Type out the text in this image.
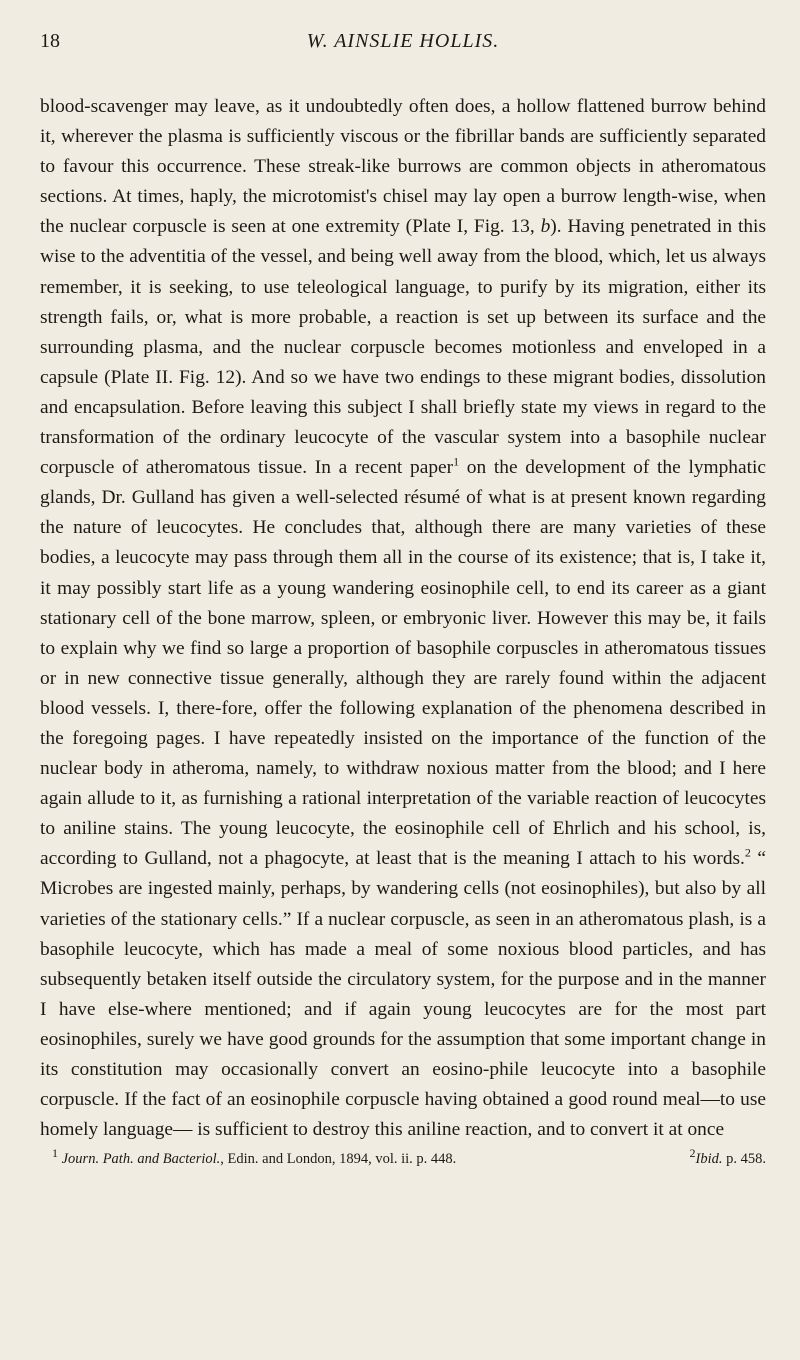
18	W. AINSLIE HOLLIS.

blood-scavenger may leave, as it undoubtedly often does, a hollow flattened burrow behind it, wherever the plasma is sufficiently viscous or the fibrillar bands are sufficiently separated to favour this occurrence. These streak-like burrows are common objects in atheromatous sections. At times, haply, the microtomist's chisel may lay open a burrow length-wise, when the nuclear corpuscle is seen at one extremity (Plate I, Fig. 13, b). Having penetrated in this wise to the adventitia of the vessel, and being well away from the blood, which, let us always remember, it is seeking, to use teleological language, to purify by its migration, either its strength fails, or, what is more probable, a reaction is set up between its surface and the surrounding plasma, and the nuclear corpuscle becomes motionless and enveloped in a capsule (Plate II. Fig. 12). And so we have two endings to these migrant bodies, dissolution and encapsulation. Before leaving this subject I shall briefly state my views in regard to the transformation of the ordinary leucocyte of the vascular system into a basophile nuclear corpuscle of atheromatous tissue. In a recent paper$^1$ on the development of the lymphatic glands, Dr. Gulland has given a well-selected résumé of what is at present known regarding the nature of leucocytes. He concludes that, although there are many varieties of these bodies, a leucocyte may pass through them all in the course of its existence; that is, I take it, it may possibly start life as a young wandering eosinophile cell, to end its career as a giant stationary cell of the bone marrow, spleen, or embryonic liver. However this may be, it fails to explain why we find so large a proportion of basophile corpuscles in atheromatous tissues or in new connective tissue generally, although they are rarely found within the adjacent blood vessels. I, there-fore, offer the following explanation of the phenomena described in the foregoing pages. I have repeatedly insisted on the importance of the function of the nuclear body in atheroma, namely, to withdraw noxious matter from the blood; and I here again allude to it, as furnishing a rational interpretation of the variable reaction of leucocytes to aniline stains. The young leucocyte, the eosinophile cell of Ehrlich and his school, is, according to Gulland, not a phagocyte, at least that is the meaning I attach to his words.$^2$ “ Microbes are ingested mainly, perhaps, by wandering cells (not eosinophiles), but also by all varieties of the stationary cells.” If a nuclear corpuscle, as seen in an atheromatous plash, is a basophile leucocyte, which has made a meal of some noxious blood particles, and has subsequently betaken itself outside the circulatory system, for the purpose and in the manner I have else-where mentioned; and if again young leucocytes are for the most part eosinophiles, surely we have good grounds for the assumption that some important change in its constitution may occasionally convert an eosino-phile leucocyte into a basophile corpuscle. If the fact of an eosinophile corpuscle having obtained a good round meal—to use homely language— is sufficient to destroy this aniline reaction, and to convert it at once

$^1$ Journ. Path. and Bacteriol., Edin. and London, 1894, vol. ii. p. 448.	$^2$Ibid. p. 458.
